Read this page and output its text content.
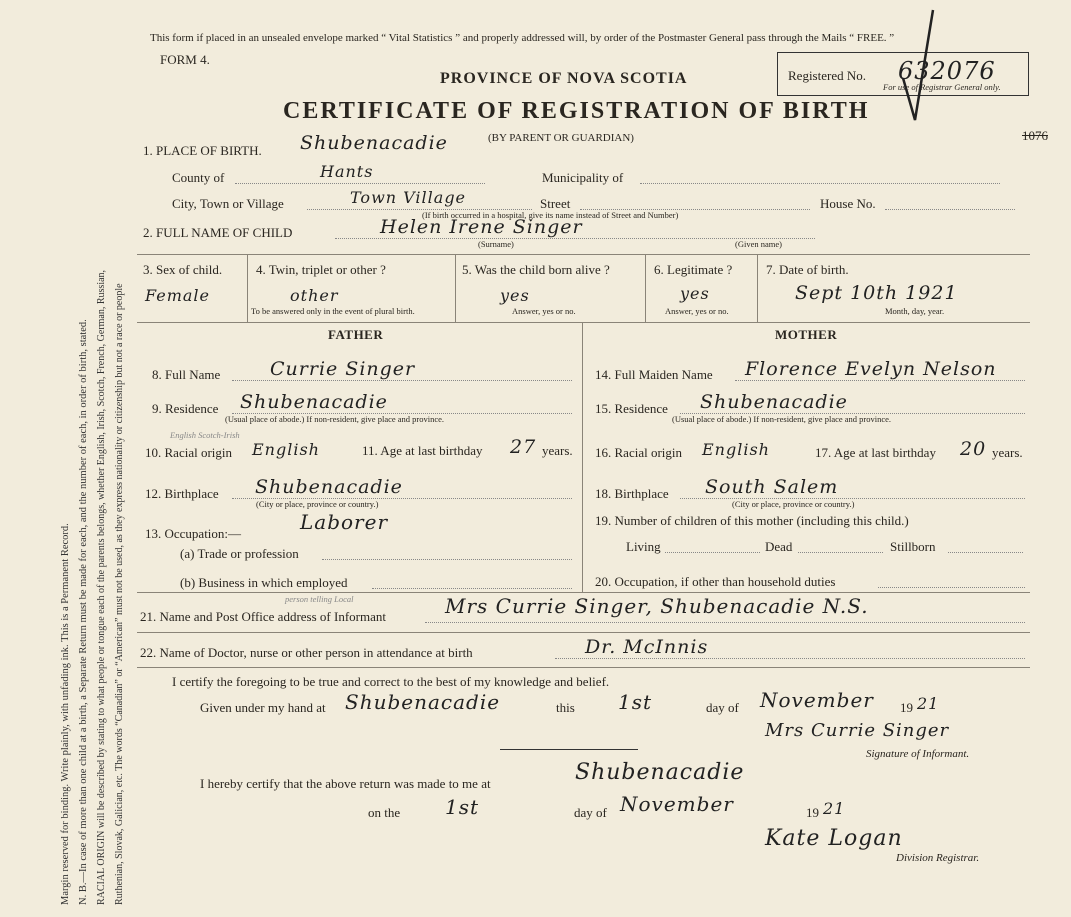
Margin reserved for binding. Write plainly, with unfading ink. This is a Permanent Record. N. B.—In case of more than one child at a birth, a Separate Return must be made for each, and the number of each, in order of birth, stated. RACIAL ORIGIN will be described by stating to what people or tongue each of the parents belongs, whether English, Irish, Scotch, French, German, Russian, Ruthenian, Slovak, Galician, etc. The words “Canadian” or “American” must not be used, as they express nationality or citizenship but not a race or people
This form if placed in an unsealed envelope marked “ Vital Statistics ” and properly addressed will, by order of the Postmaster General pass through the Mails “ FREE. ”
FORM 4.
PROVINCE OF NOVA SCOTIA
CERTIFICATE OF REGISTRATION OF BIRTH
(BY PARENT OR GUARDIAN)
Registered No. 632076
For use of Registrar General only.
1076
1. PLACE OF BIRTH. Shubenacadie
County of	Hants	Municipality of
City, Town or Village	Town Village	Street
(If birth occurred in a hospital, give its name instead of Street and Number)
House No.
2. FULL NAME OF CHILD	Helen Irene Singer
(Surname)	(Given name)
3. Sex of child.
Female
4. Twin, triplet or other ?
other
To be answered only in the event of plural birth.
5. Was the child born alive ?
yes
Answer, yes or no.
6. Legitimate ?
yes
Answer, yes or no.
7. Date of birth.
Sept 10th 1921
Month, day, year.
FATHER	MOTHER
8. Full Name	Currie Singer
9. Residence Shubenacadie
(Usual place of abode.) If non-resident, give place and province.
English Scotch-Irish
10. Racial origin English	11. Age at last birthday 27 years.
12. Birthplace Shubenacadie
(City or place, province or country.)
13. Occupation:—	Laborer
(a) Trade or profession
(b) Business in which employed
14. Full Maiden Name Florence Evelyn Nelson
15. Residence Shubenacadie
(Usual place of abode.) If non-resident, give place and province.
16. Racial origin English	17. Age at last birthday 20 years.
18. Birthplace South Salem
(City or place, province or country.)
19. Number of children of this mother (including this child.)
Living	Dead	Stillborn
20. Occupation, if other than household duties
person telling Local
21. Name and Post Office address of Informant	Mrs Currie Singer, Shubenacadie N.S.
22. Name of Doctor, nurse or other person in attendance at birth	Dr. McInnis
I certify the foregoing to be true and correct to the best of my knowledge and belief.
Given under my hand at Shubenacadie	this 1st	day of November 19 21
Mrs Currie Singer
Signature of Informant.
I hereby certify that the above return was made to me at	Shubenacadie
on the 1st	day of November	19 21
Kate Logan
Division Registrar.
